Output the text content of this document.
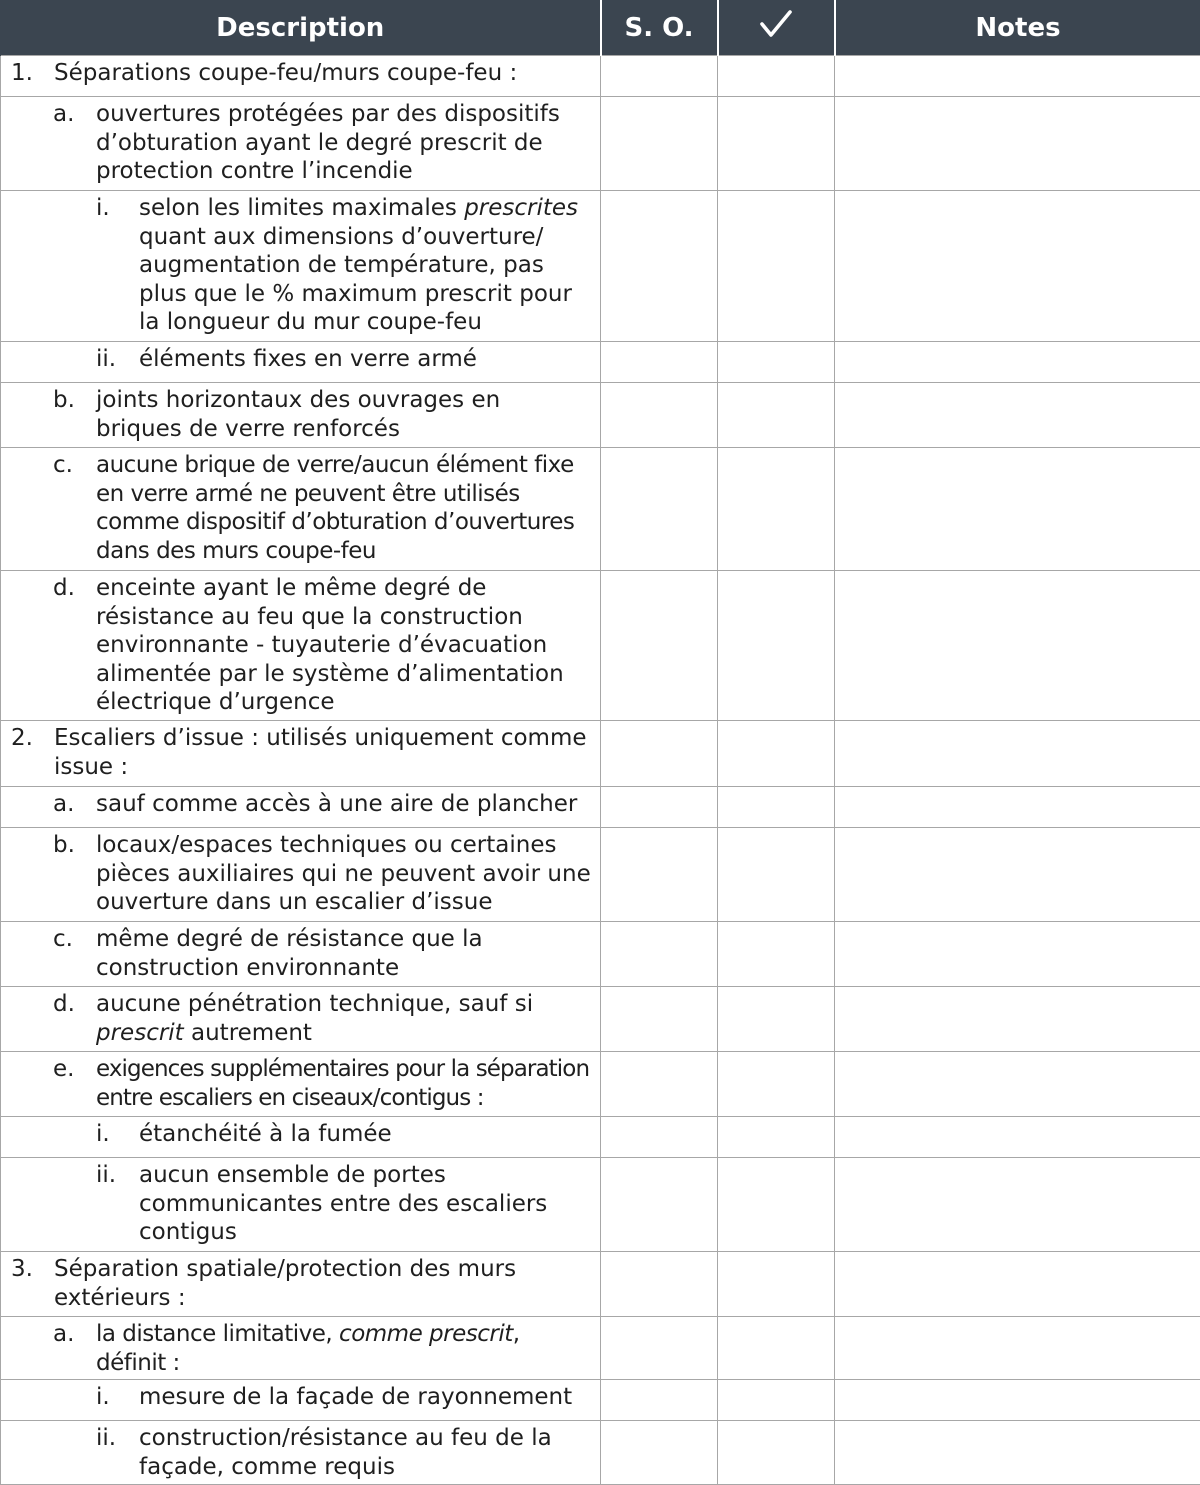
Description	S. O.		Notes

1. Séparations coupe-feu/murs coupe-feu :			

a. ouvertures protégées par des dispositifs d’obturation ayant le degré prescrit de protection contre l’incendie			

i. selon les limites maximales prescrites quant aux dimensions d’ouverture/ augmentation de température, pas plus que le % maximum prescrit pour la longueur du mur coupe-feu			

ii. éléments fixes en verre armé			

b. joints horizontaux des ouvrages en briques de verre renforcés			

c. aucune brique de verre/aucun élément fixe en verre armé ne peuvent être utilisés comme dispositif d’obturation d’ouvertures dans des murs coupe-feu			

d. enceinte ayant le même degré de résistance au feu que la construction environnante - tuyauterie d’évacuation alimentée par le système d’alimentation électrique d’urgence			

2. Escaliers d’issue : utilisés uniquement comme issue :			

a. sauf comme accès à une aire de plancher			

b. locaux/espaces techniques ou certaines pièces auxiliaires qui ne peuvent avoir une ouverture dans un escalier d’issue			

c. même degré de résistance que la construction environnante			

d. aucune pénétration technique, sauf si prescrit autrement			

e. exigences supplémentaires pour la séparation entre escaliers en ciseaux/contigus :			

i. étanchéité à la fumée			

ii. aucun ensemble de portes communicantes entre des escaliers contigus			

3. Séparation spatiale/protection des murs extérieurs :			

a. la distance limitative, comme prescrit, définit :			

i. mesure de la façade de rayonnement			

ii. construction/résistance au feu de la façade, comme requis			
